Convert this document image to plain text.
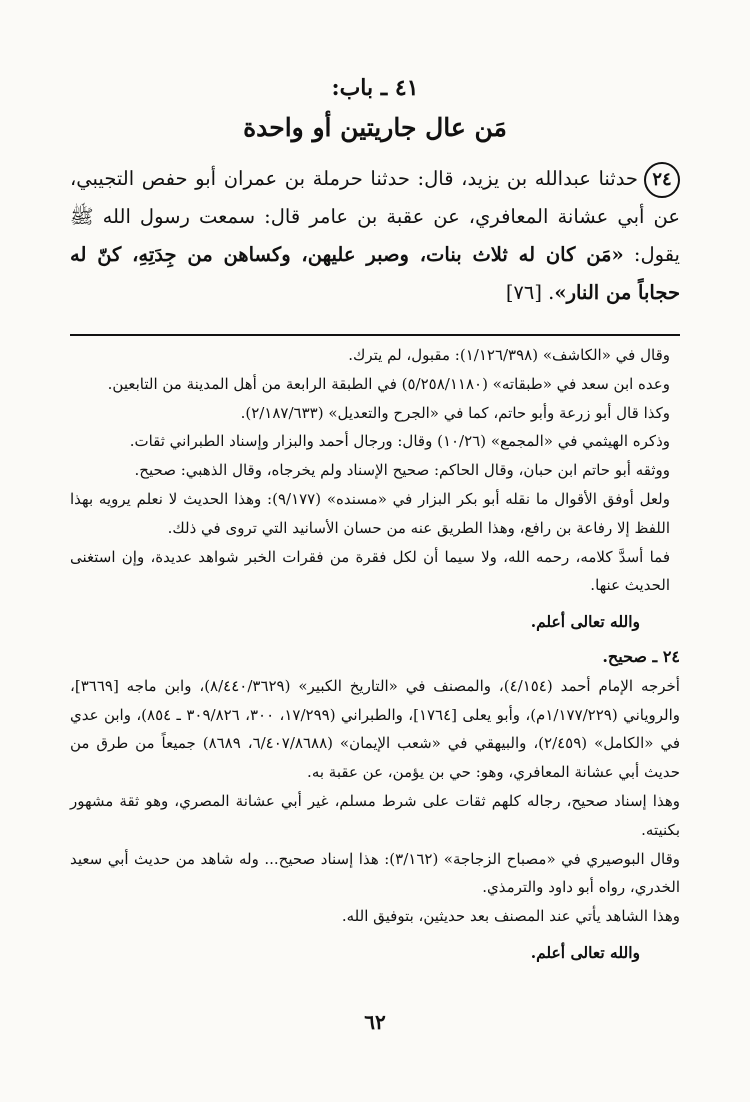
٤١ ـ باب:
مَن عال جاريتين أو واحدة
٢٤حدثنا عبدالله بن يزيد، قال: حدثنا حرملة بن عمران أبو حفص التجيبي، عن أبي عشانة المعافري، عن عقبة بن عامر قال: سمعت رسول الله ﷺ يقول: «مَن كان له ثلاث بنات، وصبر عليهن، وكساهن من جِدَتِهِ، كنّ له حجاباً من النار». [٧٦]

وقال في «الكاشف» (١/١٢٦/٣٩٨): مقبول، لم يترك.

وعده ابن سعد في «طبقاته» (٥/٢٥٨/١١٨٠) في الطبقة الرابعة من أهل المدينة من التابعين.

وكذا قال أبو زرعة وأبو حاتم، كما في «الجرح والتعديل» (٢/١٨٧/٦٣٣).

وذكره الهيثمي في «المجمع» (١٠/٢٦) وقال: ورجال أحمد والبزار وإسناد الطبراني ثقات.

ووثقه أبو حاتم ابن حبان، وقال الحاكم: صحيح الإسناد ولم يخرجاه، وقال الذهبي: صحيح.

ولعل أوفق الأقوال ما نقله أبو بكر البزار في «مسنده» (٩/١٧٧): وهذا الحديث لا نعلم يرويه بهذا اللفظ إلا رفاعة بن رافع، وهذا الطريق عنه من حسان الأسانيد التي تروى في ذلك.

فما أسدَّ كلامه، رحمه الله، ولا سيما أن لكل فقرة من فقرات الخبر شواهد عديدة، وإن استغنى الحديث عنها.

والله تعالى أعلم.

٢٤ ـ صحيح.

أخرجه الإمام أحمد (٤/١٥٤)، والمصنف في «التاريخ الكبير» (٨/٤٤٠/٣٦٢٩)، وابن ماجه [٣٦٦٩]، والروياني (١/١٧٧/٢٢٩م)، وأبو يعلى [١٧٦٤]، والطبراني (١٧/٢٩٩، ٣٠٠، ٣٠٩/٨٢٦ ـ ٨٥٤)، وابن عدي في «الكامل» (٢/٤٥٩)، والبيهقي في «شعب الإيمان» (٦/٤٠٧/٨٦٨٨، ٨٦٨٩) جميعاً من طرق من حديث أبي عشانة المعافري، وهو: حي بن يؤمن، عن عقبة به.

وهذا إسناد صحيح، رجاله كلهم ثقات على شرط مسلم، غير أبي عشانة المصري، وهو ثقة مشهور بكنيته.

وقال البوصيري في «مصباح الزجاجة» (٣/١٦٢): هذا إسناد صحيح... وله شاهد من حديث أبي سعيد الخدري، رواه أبو داود والترمذي.

وهذا الشاهد يأتي عند المصنف بعد حديثين، بتوفيق الله.

والله تعالى أعلم.

٦٢
